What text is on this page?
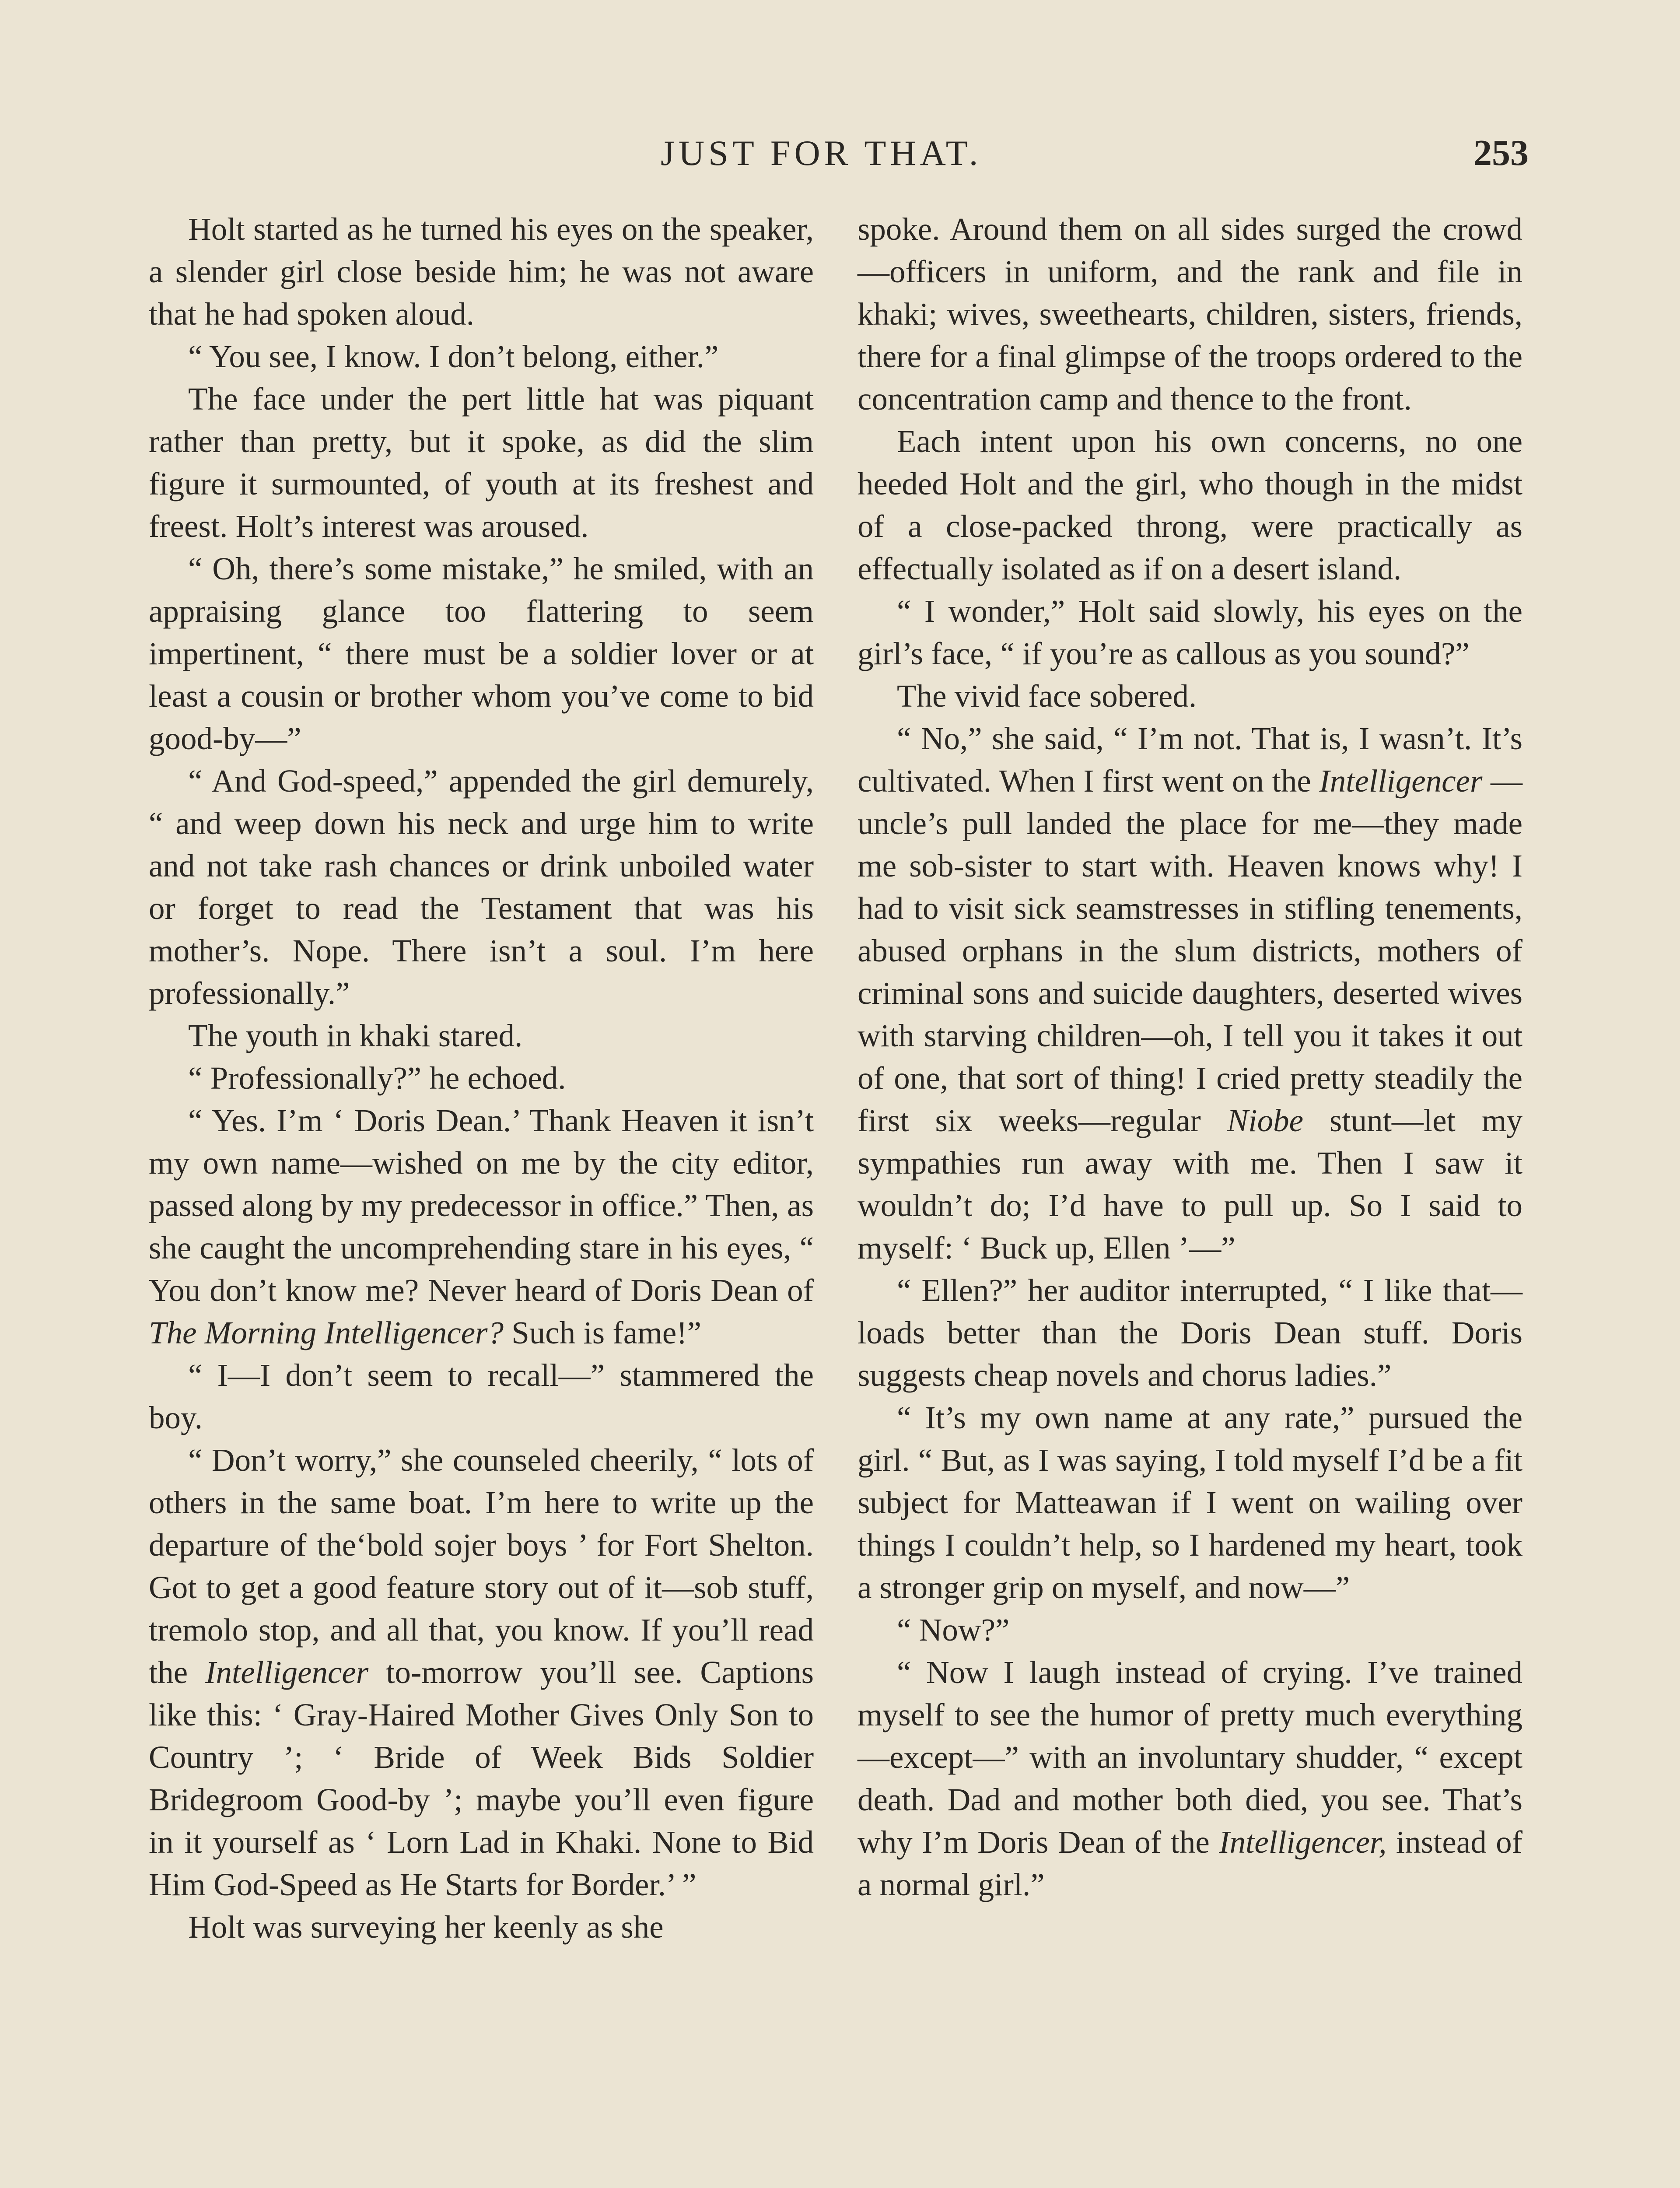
JUST FOR THAT.	253

Holt started as he turned his eyes on the speaker, a slender girl close beside him; he was not aware that he had spoken aloud.

“ You see, I know. I don’t belong, either.”

The face under the pert little hat was piquant rather than pretty, but it spoke, as did the slim figure it surmounted, of youth at its freshest and freest. Holt’s interest was aroused.

“ Oh, there’s some mistake,” he smiled, with an appraising glance too flattering to seem impertinent, “ there must be a soldier lover or at least a cousin or brother whom you’ve come to bid good-by—”

“ And God-speed,” appended the girl demurely, “ and weep down his neck and urge him to write and not take rash chances or drink unboiled water or forget to read the Testament that was his mother’s. Nope. There isn’t a soul. I’m here professionally.”

The youth in khaki stared.

“ Professionally?” he echoed.

“ Yes. I’m ‘ Doris Dean.’ Thank Heaven it isn’t my own name—wished on me by the city editor, passed along by my predecessor in office.” Then, as she caught the uncomprehending stare in his eyes, “ You don’t know me? Never heard of Doris Dean of The Morning Intelligencer? Such is fame!”

“ I—I don’t seem to recall—” stammered the boy.

“ Don’t worry,” she counseled cheerily, “ lots of others in the same boat. I’m here to write up the departure of the‘bold sojer boys ’ for Fort Shelton. Got to get a good feature story out of it—sob stuff, tremolo stop, and all that, you know. If you’ll read the Intelligencer to-morrow you’ll see. Captions like this: ‘ Gray-Haired Mother Gives Only Son to Country ’; ‘ Bride of Week Bids Soldier Bridegroom Good-by ’; maybe you’ll even figure in it yourself as ‘ Lorn Lad in Khaki. None to Bid Him God-Speed as He Starts for Border.’ ”

Holt was surveying her keenly as she

spoke. Around them on all sides surged the crowd—officers in uniform, and the rank and file in khaki; wives, sweethearts, children, sisters, friends, there for a final glimpse of the troops ordered to the concentration camp and thence to the front.

Each intent upon his own concerns, no one heeded Holt and the girl, who though in the midst of a close-packed throng, were practically as effectually isolated as if on a desert island.

“ I wonder,” Holt said slowly, his eyes on the girl’s face, “ if you’re as callous as you sound?”

The vivid face sobered.

“ No,” she said, “ I’m not. That is, I wasn’t. It’s cultivated. When I first went on the Intelligencer — uncle’s pull landed the place for me—they made me sob-sister to start with. Heaven knows why! I had to visit sick seamstresses in stifling tenements, abused orphans in the slum districts, mothers of criminal sons and suicide daughters, deserted wives with starving children—oh, I tell you it takes it out of one, that sort of thing! I cried pretty steadily the first six weeks—regular Niobe stunt—let my sympathies run away with me. Then I saw it wouldn’t do; I’d have to pull up. So I said to myself: ‘ Buck up, Ellen ’—”

“ Ellen?” her auditor interrupted, “ I like that—loads better than the Doris Dean stuff. Doris suggests cheap novels and chorus ladies.”

“ It’s my own name at any rate,” pursued the girl. “ But, as I was saying, I told myself I’d be a fit subject for Matteawan if I went on wailing over things I couldn’t help, so I hardened my heart, took a stronger grip on myself, and now—”

“ Now?”

“ Now I laugh instead of crying. I’ve trained myself to see the humor of pretty much everything—except—” with an involuntary shudder, “ except death. Dad and mother both died, you see. That’s why I’m Doris Dean of the Intelligencer, instead of a normal girl.”
